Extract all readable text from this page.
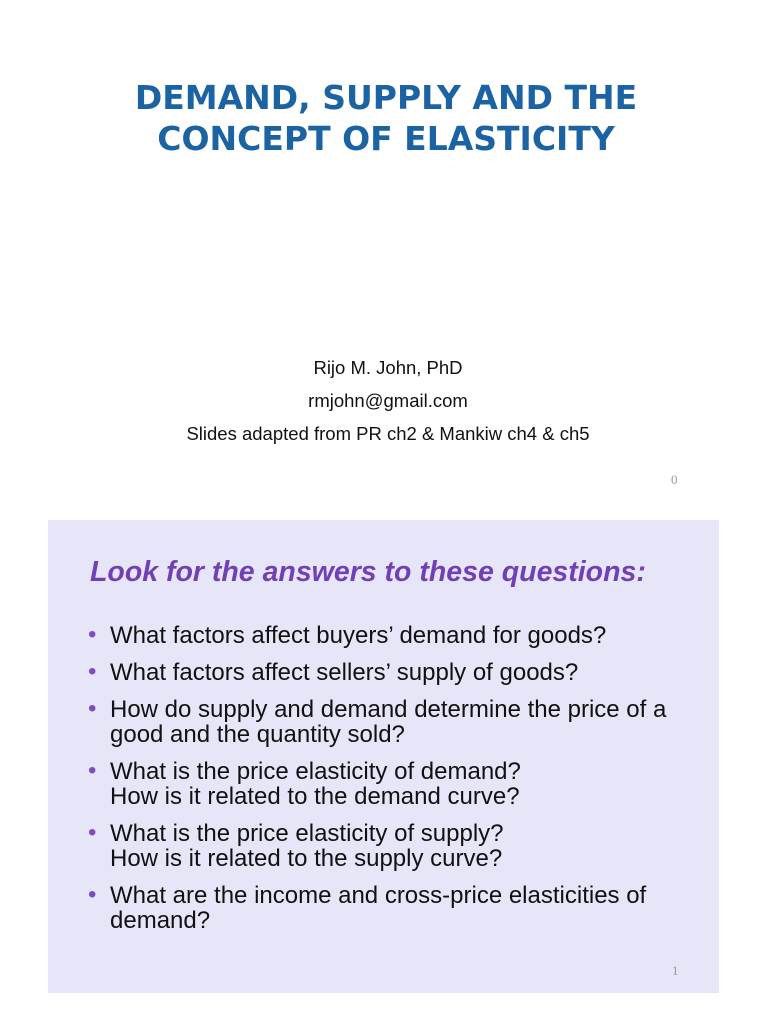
DEMAND, SUPPLY AND THE
CONCEPT OF ELASTICITY
Rijo M. John, PhD
rmjohn@gmail.com
Slides adapted from PR ch2 & Mankiw ch4 & ch5
0
Look for the answers to these questions:
• What factors affect buyers’ demand for goods?
• What factors affect sellers’ supply of goods?
• How do supply and demand determine the price of a
good and the quantity sold?
• What is the price elasticity of demand?
How is it related to the demand curve?
• What is the price elasticity of supply?
How is it related to the supply curve?
• What are the income and cross-price elasticities of
demand?
1
